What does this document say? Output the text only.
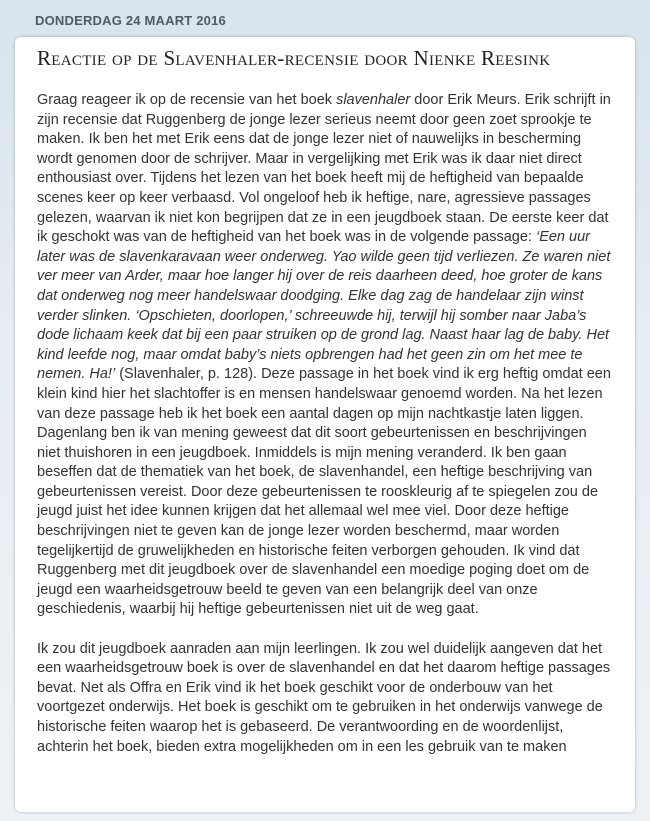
DONDERDAG 24 MAART 2016
Reactie op de Slavenhaler-recensie door Nienke Reesink

Graag reageer ik op de recensie van het boek slavenhaler door Erik Meurs. Erik schrijft in zijn recensie dat Ruggenberg de jonge lezer serieus neemt door geen zoet sprookje te maken. Ik ben het met Erik eens dat de jonge lezer niet of nauwelijks in bescherming wordt genomen door de schrijver. Maar in vergelijking met Erik was ik daar niet direct enthousiast over. Tijdens het lezen van het boek heeft mij de heftigheid van bepaalde scenes keer op keer verbaasd. Vol ongeloof heb ik heftige, nare, agressieve passages gelezen, waarvan ik niet kon begrijpen dat ze in een jeugdboek staan. De eerste keer dat ik geschokt was van de heftigheid van het boek was in de volgende passage: ‘Een uur later was de slavenkaravaan weer onderweg. Yao wilde geen tijd verliezen. Ze waren niet ver meer van Arder, maar hoe langer hij over de reis daarheen deed, hoe groter de kans dat onderweg nog meer handelswaar doodging. Elke dag zag de handelaar zijn winst verder slinken. ‘Opschieten, doorlopen,’ schreeuwde hij, terwijl hij somber naar Jaba’s dode lichaam keek dat bij een paar struiken op de grond lag. Naast haar lag de baby. Het kind leefde nog, maar omdat baby’s niets opbrengen had het geen zin om het mee te nemen. Ha!’ (Slavenhaler, p. 128). Deze passage in het boek vind ik erg heftig omdat een klein kind hier het slachtoffer is en mensen handelswaar genoemd worden. Na het lezen van deze passage heb ik het boek een aantal dagen op mijn nachtkastje laten liggen. Dagenlang ben ik van mening geweest dat dit soort gebeurtenissen en beschrijvingen niet thuishoren in een jeugdboek. Inmiddels is mijn mening veranderd. Ik ben gaan beseffen dat de thematiek van het boek, de slavenhandel, een heftige beschrijving van gebeurtenissen vereist. Door deze gebeurtenissen te rooskleurig af te spiegelen zou de jeugd juist het idee kunnen krijgen dat het allemaal wel mee viel. Door deze heftige beschrijvingen niet te geven kan de jonge lezer worden beschermd, maar worden tegelijkertijd de gruwelijkheden en historische feiten verborgen gehouden. Ik vind dat Ruggenberg met dit jeugdboek over de slavenhandel een moedige poging doet om de jeugd een waarheidsgetrouw beeld te geven van een belangrijk deel van onze geschiedenis, waarbij hij heftige gebeurtenissen niet uit de weg gaat.

Ik zou dit jeugdboek aanraden aan mijn leerlingen. Ik zou wel duidelijk aangeven dat het een waarheidsgetrouw boek is over de slavenhandel en dat het daarom heftige passages bevat. Net als Offra en Erik vind ik het boek geschikt voor de onderbouw van het voortgezet onderwijs. Het boek is geschikt om te gebruiken in het onderwijs vanwege de historische feiten waarop het is gebaseerd. De verantwoording en de woordenlijst, achterin het boek, bieden extra mogelijkheden om in een les gebruik van te maken
